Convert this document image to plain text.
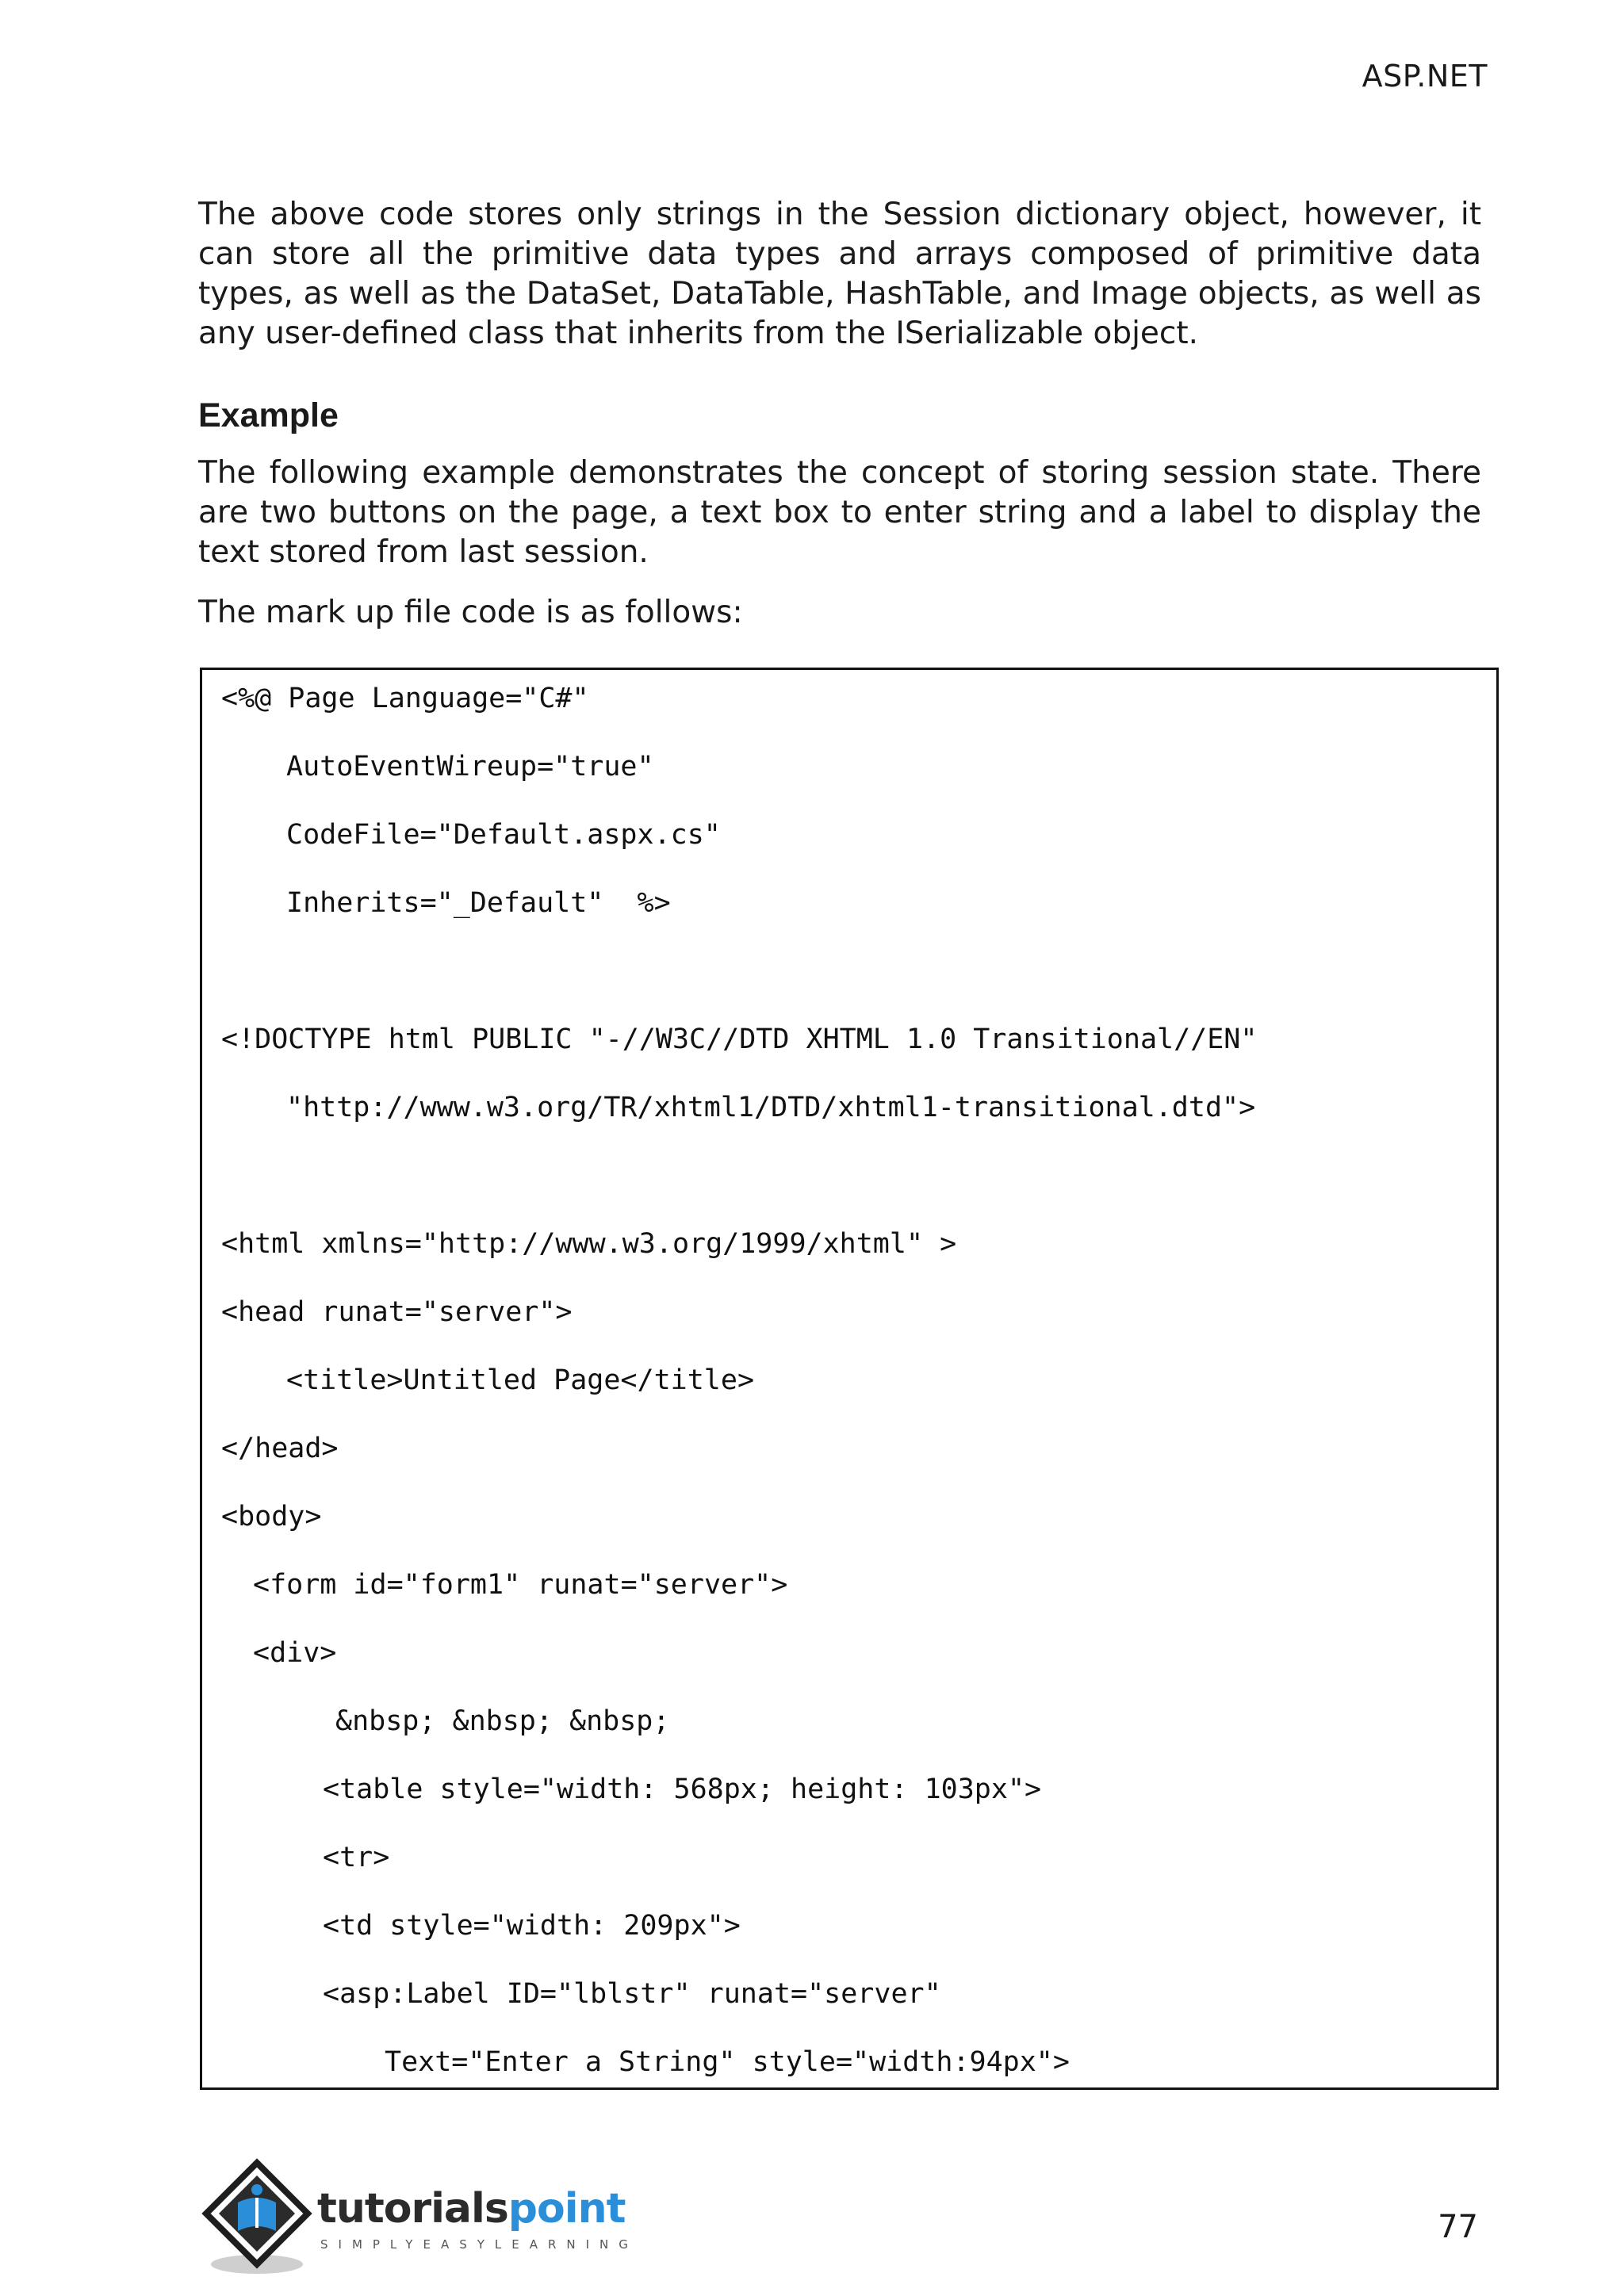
ASP.NET
The above code stores only strings in the Session dictionary object, however, it can store all the primitive data types and arrays composed of primitive data types, as well as the DataSet, DataTable, HashTable, and Image objects, as well as any user-defined class that inherits from the ISerializable object.
Example
The following example demonstrates the concept of storing session state. There are two buttons on the page, a text box to enter string and a label to display the text stored from last session.
The mark up file code is as follows:
<%@ Page Language="C#"
AutoEventWireup="true"
CodeFile="Default.aspx.cs"
Inherits="_Default"  %>
<!DOCTYPE html PUBLIC "-//W3C//DTD XHTML 1.0 Transitional//EN"
"http://www.w3.org/TR/xhtml1/DTD/xhtml1-transitional.dtd">
<html xmlns="http://www.w3.org/1999/xhtml" >
<head runat="server">
<title>Untitled Page</title>
</head>
<body>
<form id="form1" runat="server">
<div>
&nbsp; &nbsp; &nbsp;
<table style="width: 568px; height: 103px">
<tr>
<td style="width: 209px">
<asp:Label ID="lblstr" runat="server"
Text="Enter a String" style="width:94px">
tutorialspoint
SIMPLYEASYLEARNING	77
